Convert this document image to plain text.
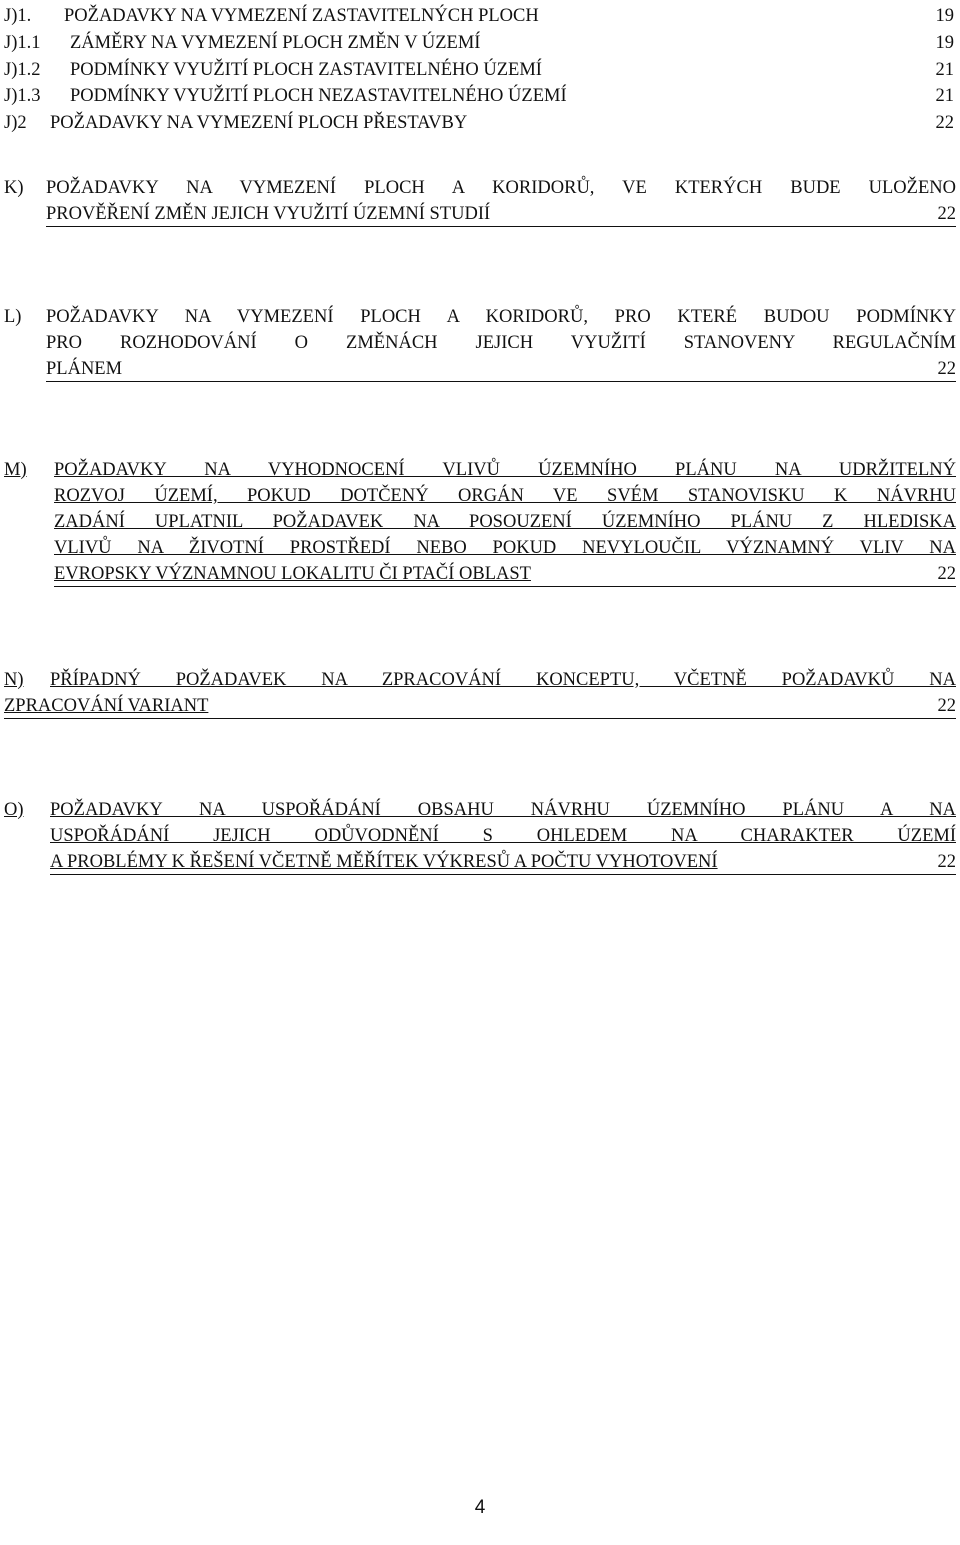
J)1. POŽADAVKY NA VYMEZENÍ ZASTAVITELNÝCH PLOCH	19
J)1.1 ZÁMĚRY NA VYMEZENÍ PLOCH ZMĚN V ÚZEMÍ	19
J)1.2 PODMÍNKY VYUŽITÍ PLOCH ZASTAVITELNÉHO ÚZEMÍ	21
J)1.3 PODMÍNKY VYUŽITÍ PLOCH NEZASTAVITELNÉHO ÚZEMÍ	21
J)2 POŽADAVKY NA VYMEZENÍ PLOCH PŘESTAVBY	22
K) POŽADAVKY NA VYMEZENÍ PLOCH A KORIDORŮ, VE KTERÝCH BUDE ULOŽENO
PROVĚŘENÍ ZMĚN JEJICH VYUŽITÍ ÚZEMNÍ STUDIÍ	22
L) POŽADAVKY NA VYMEZENÍ PLOCH A KORIDORŮ, PRO KTERÉ BUDOU PODMÍNKY
PRO ROZHODOVÁNÍ O ZMĚNÁCH JEJICH VYUŽITÍ STANOVENY REGULAČNÍM
PLÁNEM	22
M) POŽADAVKY NA VYHODNOCENÍ VLIVŮ ÚZEMNÍHO PLÁNU NA UDRŽITELNÝ
ROZVOJ ÚZEMÍ, POKUD DOTČENÝ ORGÁN VE SVÉM STANOVISKU K NÁVRHU
ZADÁNÍ UPLATNIL POŽADAVEK NA POSOUZENÍ ÚZEMNÍHO PLÁNU Z HLEDISKA
VLIVŮ NA ŽIVOTNÍ PROSTŘEDÍ NEBO POKUD NEVYLOUČIL VÝZNAMNÝ VLIV NA
EVROPSKY VÝZNAMNOU LOKALITU ČI PTAČÍ OBLAST	22
N) PŘÍPADNÝ POŽADAVEK NA ZPRACOVÁNÍ KONCEPTU, VČETNĚ POŽADAVKŮ NA
ZPRACOVÁNÍ VARIANT	22
O) POŽADAVKY NA USPOŘÁDÁNÍ OBSAHU NÁVRHU ÚZEMNÍHO PLÁNU A NA
USPOŘÁDÁNÍ JEJICH ODŮVODNĚNÍ S OHLEDEM NA CHARAKTER ÚZEMÍ
A PROBLÉMY K ŘEŠENÍ VČETNĚ MĚŘÍTEK VÝKRESŮ A POČTU VYHOTOVENÍ	22
4
